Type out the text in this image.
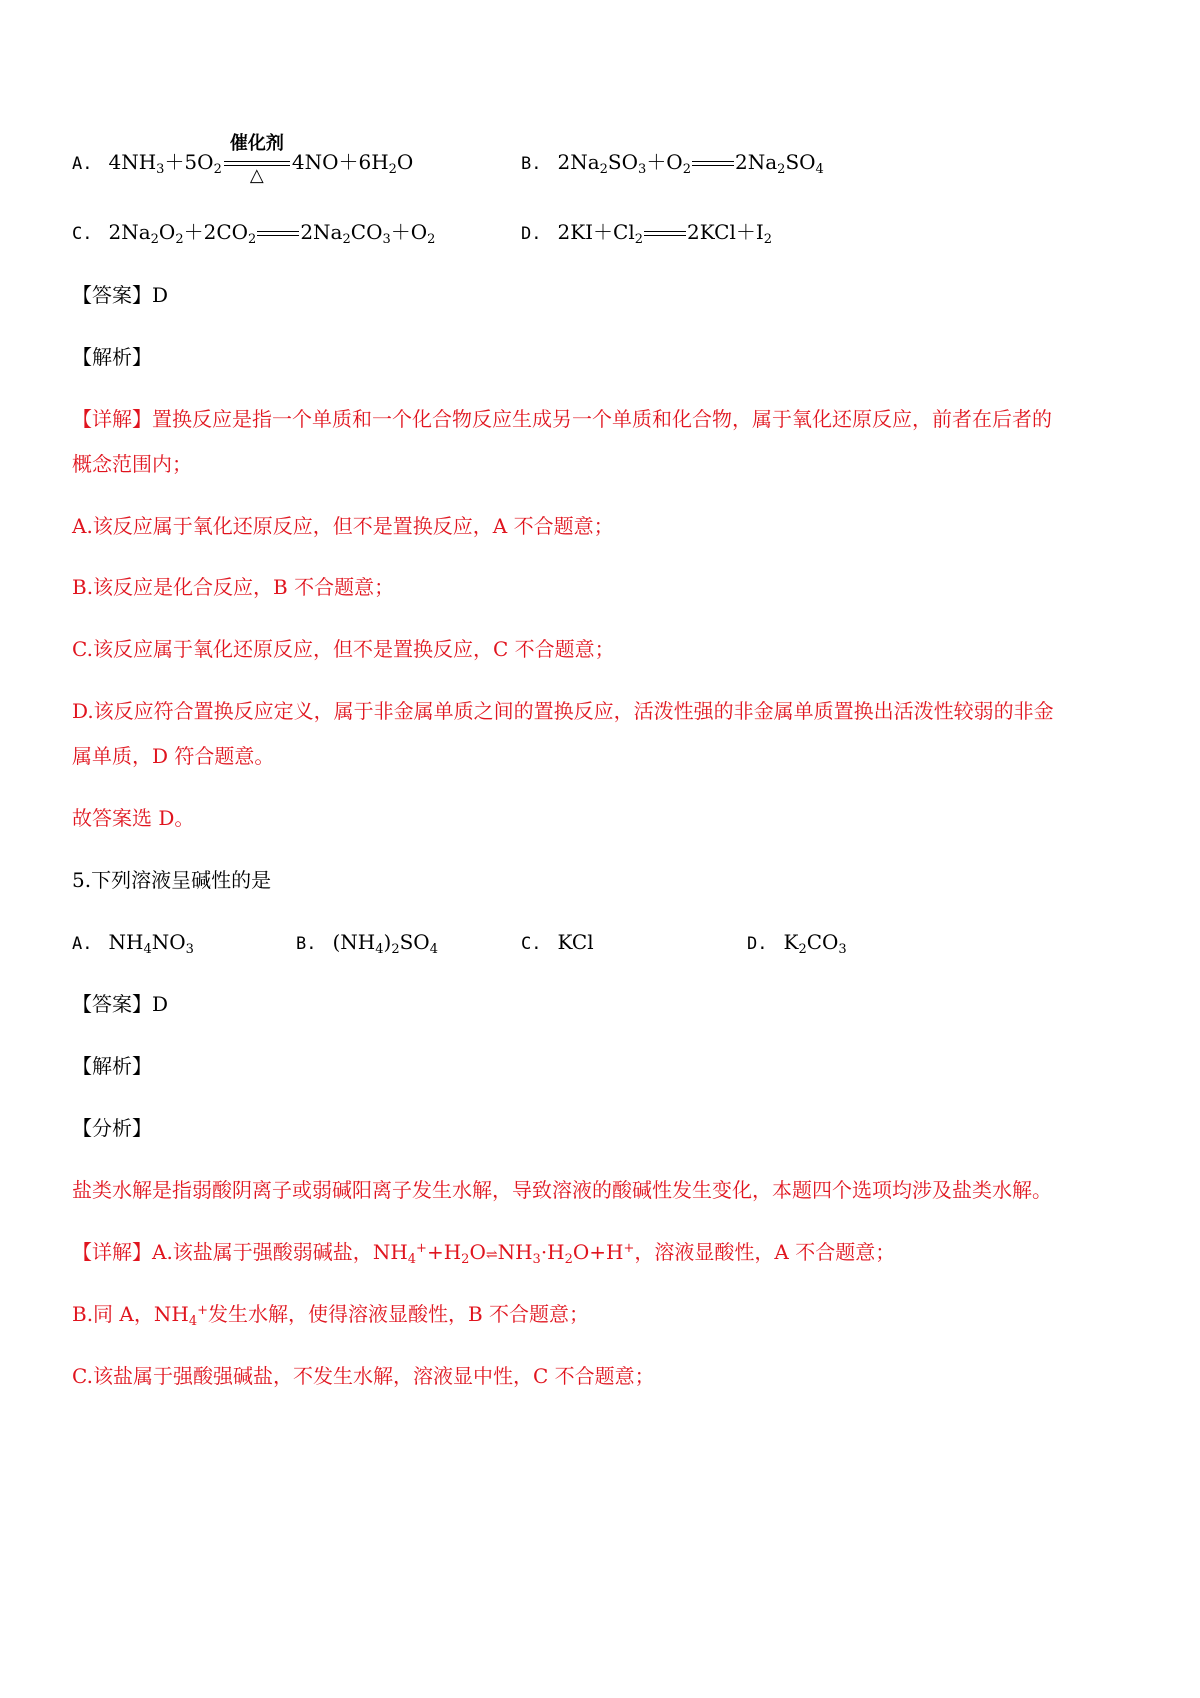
A. $4NH_3+5O_2$
催化剂
△
$4NO+6H_2O$	B. $2Na_2SO_3+O_2$ $2Na_2SO_4$
C. $2Na_2O_2+2CO_2$ $2Na_2CO_3+O_2$	D. $2KI+Cl_2$ $2KCl+I_2$
【答案】D
【解析】
【详解】置换反应是指一个单质和一个化合物反应生成另一个单质和化合物，属于氧化还原反应，前者在后者的
概念范围内；
A.该反应属于氧化还原反应，但不是置换反应，A 不合题意；
B.该反应是化合反应，B 不合题意；
C.该反应属于氧化还原反应，但不是置换反应，C 不合题意；
D.该反应符合置换反应定义，属于非金属单质之间的置换反应，活泼性强的非金属单质置换出活泼性较弱的非金
属单质，D 符合题意。
故答案选 D。
5.下列溶液呈碱性的是
A. $NH_4NO_3$	B. $(NH_4)_2SO_4$	C. KCl	D. $K_2CO_3$
【答案】D
【解析】
【分析】
盐类水解是指弱酸阴离子或弱碱阳离子发生水解，导致溶液的酸碱性发生变化，本题四个选项均涉及盐类水解。
【详解】A.该盐属于强酸弱碱盐，$NH_4^++H_2O\rightleftharpoons NH_3\cdot H_2O+H^+$，溶液显酸性，A 不合题意；
B.同 A，$NH_4^+$发生水解，使得溶液显酸性，B 不合题意；
C.该盐属于强酸强碱盐，不发生水解，溶液显中性，C 不合题意；
